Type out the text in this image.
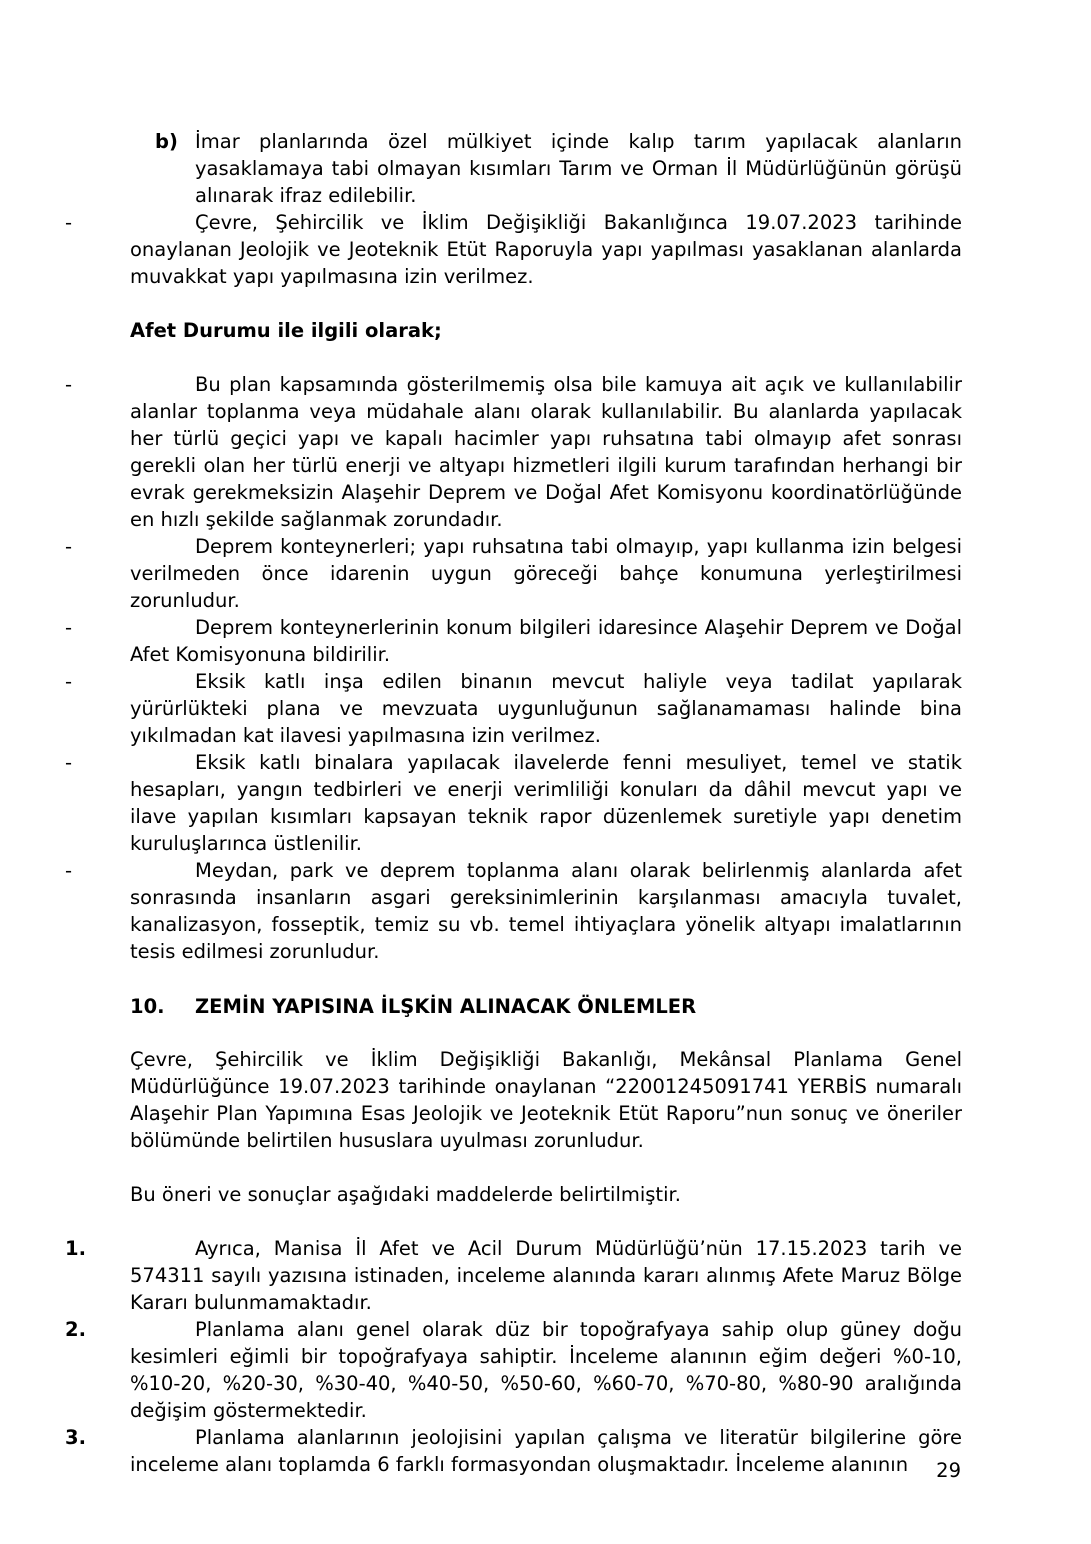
b) İmar planlarında özel mülkiyet içinde kalıp tarım yapılacak alanların yasaklamaya tabi olmayan kısımları Tarım ve Orman İl Müdürlüğünün görüşü alınarak ifraz edilebilir.

-	Çevre, Şehircilik ve İklim Değişikliği Bakanlığınca 19.07.2023 tarihinde onaylanan Jeolojik ve Jeoteknik Etüt Raporuyla yapı yapılması yasaklanan alanlarda muvakkat yapı yapılmasına izin verilmez.

Afet Durumu ile ilgili olarak;

-	Bu plan kapsamında gösterilmemiş olsa bile kamuya ait açık ve kullanılabilir alanlar toplanma veya müdahale alanı olarak kullanılabilir. Bu alanlarda yapılacak her türlü geçici yapı ve kapalı hacimler yapı ruhsatına tabi olmayıp afet sonrası gerekli olan her türlü enerji ve altyapı hizmetleri ilgili kurum tarafından herhangi bir evrak gerekmeksizin Alaşehir Deprem ve Doğal Afet Komisyonu koordinatörlüğünde en hızlı şekilde sağlanmak zorundadır.

-	Deprem konteynerleri; yapı ruhsatına tabi olmayıp, yapı kullanma izin belgesi verilmeden önce idarenin uygun göreceği bahçe konumuna yerleştirilmesi zorunludur.

-	Deprem konteynerlerinin konum bilgileri idaresince Alaşehir Deprem ve Doğal Afet Komisyonuna bildirilir.

-	Eksik katlı inşa edilen binanın mevcut haliyle veya tadilat yapılarak yürürlükteki plana ve mevzuata uygunluğunun sağlanamaması halinde bina yıkılmadan kat ilavesi yapılmasına izin verilmez.

-	Eksik katlı binalara yapılacak ilavelerde fenni mesuliyet, temel ve statik hesapları, yangın tedbirleri ve enerji verimliliği konuları da dâhil mevcut yapı ve ilave yapılan kısımları kapsayan teknik rapor düzenlemek suretiyle yapı denetim kuruluşlarınca üstlenilir.

-	Meydan, park ve deprem toplanma alanı olarak belirlenmiş alanlarda afet sonrasında insanların asgari gereksinimlerinin karşılanması amacıyla tuvalet, kanalizasyon, fosseptik, temiz su vb. temel ihtiyaçlara yönelik altyapı imalatlarının tesis edilmesi zorunludur.

10. ZEMİN YAPISINA İLŞKİN ALINACAK ÖNLEMLER

Çevre, Şehircilik ve İklim Değişikliği Bakanlığı, Mekânsal Planlama Genel Müdürlüğünce 19.07.2023 tarihinde onaylanan “22001245091741 YERBİS numaralı Alaşehir Plan Yapımına Esas Jeolojik ve Jeoteknik Etüt Raporu”nun sonuç ve öneriler bölümünde belirtilen hususlara uyulması zorunludur.

Bu öneri ve sonuçlar aşağıdaki maddelerde belirtilmiştir.

1.	Ayrıca, Manisa İl Afet ve Acil Durum Müdürlüğü’nün 17.15.2023 tarih ve 574311 sayılı yazısına istinaden, inceleme alanında kararı alınmış Afete Maruz Bölge Kararı bulunmamaktadır.

2.	Planlama alanı genel olarak düz bir topoğrafyaya sahip olup güney doğu kesimleri eğimli bir topoğrafyaya sahiptir. İnceleme alanının eğim değeri %0-10, %10-20, %20-30, %30-40, %40-50, %50-60, %60-70, %70-80, %80-90 aralığında değişim göstermektedir.

3.	Planlama alanlarının jeolojisini yapılan çalışma ve literatür bilgilerine göre inceleme alanı toplamda 6 farklı formasyondan oluşmaktadır. İnceleme alanının	29
